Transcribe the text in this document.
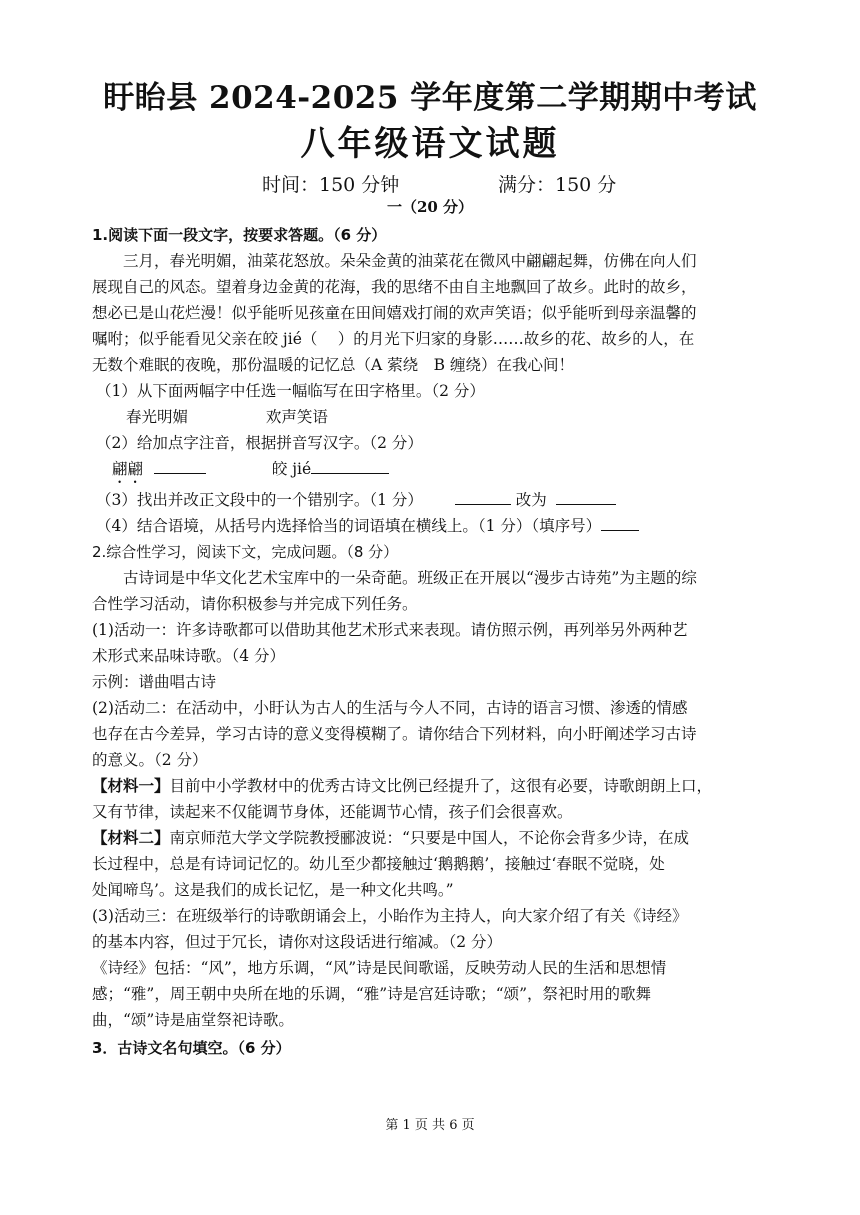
盱眙县 2024-2025 学年度第二学期期中考试
八年级语文试题
时间：150 分钟	满分：150 分
一（20 分）

1.阅读下面一段文字，按要求答题。（6 分）

三月，春光明媚，油菜花怒放。朵朵金黄的油菜花在微风中翩翩起舞，仿佛在向人们

展现自己的风态。望着身边金黄的花海，我的思绪不由自主地飘回了故乡。此时的故乡，

想必已是山花烂漫！似乎能听见孩童在田间嬉戏打闹的欢声笑语；似乎能听到母亲温馨的

嘱咐；似乎能看见父亲在皎 jié（　 ）的月光下归家的身影……故乡的花、故乡的人，在

无数个难眠的夜晚，那份温暖的记忆总（A 萦绕　B 缠绕）在我心间！

（1）从下面两幅字中任选一幅临写在田字格里。（2 分）

春光明媚	欢声笑语

（2）给加点字注音，根据拼音写汉字。（2 分）

翩翩	皎 jié

（3）找出并改正文段中的一个错别字。（1 分）	改为

（4）结合语境，从括号内选择恰当的词语填在横线上。（1 分）（填序号）

2.综合性学习，阅读下文，完成问题。（8 分）

古诗词是中华文化艺术宝库中的一朵奇葩。班级正在开展以“漫步古诗苑”为主题的综

合性学习活动，请你积极参与并完成下列任务。

(1)活动一：许多诗歌都可以借助其他艺术形式来表现。请仿照示例，再列举另外两种艺

术形式来品味诗歌。（4 分）

示例：谱曲唱古诗

(2)活动二：在活动中，小盱认为古人的生活与今人不同，古诗的语言习惯、渗透的情感

也存在古今差异，学习古诗的意义变得模糊了。请你结合下列材料，向小盱阐述学习古诗

的意义。（2 分）

【材料一】目前中小学教材中的优秀古诗文比例已经提升了，这很有必要，诗歌朗朗上口，

又有节律，读起来不仅能调节身体，还能调节心情，孩子们会很喜欢。

【材料二】南京师范大学文学院教授郦波说：“只要是中国人，不论你会背多少诗，在成

长过程中，总是有诗词记忆的。幼儿至少都接触过‘鹅鹅鹅’，接触过‘春眠不觉晓，处

处闻啼鸟’。这是我们的成长记忆，是一种文化共鸣。”

(3)活动三：在班级举行的诗歌朗诵会上，小眙作为主持人，向大家介绍了有关《诗经》

的基本内容，但过于冗长，请你对这段话进行缩减。（2 分）

《诗经》包括：“风”，地方乐调，“风”诗是民间歌谣，反映劳动人民的生活和思想情

感；“雅”，周王朝中央所在地的乐调，“雅”诗是宫廷诗歌；“颂”，祭祀时用的歌舞

曲，“颂”诗是庙堂祭祀诗歌。

3．古诗文名句填空。（6 分）

第 1 页 共 6 页
